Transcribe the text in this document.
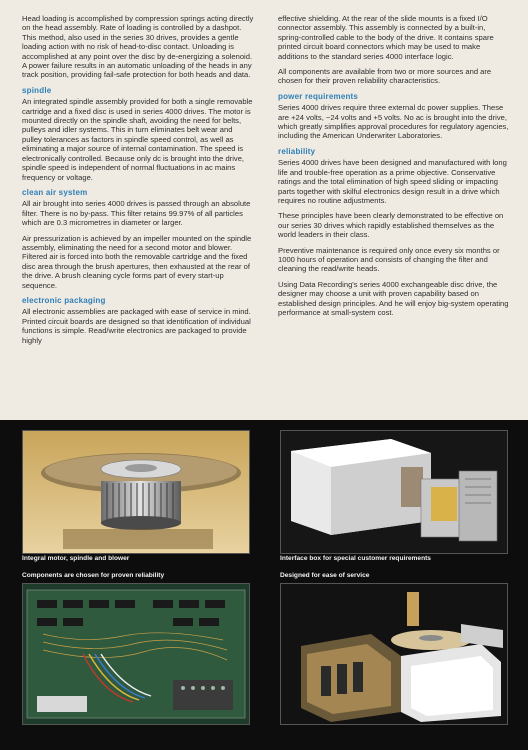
Head loading is accomplished by compression springs acting directly on the head assembly. Rate of loading is controlled by a dashpot. This method, also used in the series 30 drives, provides a gentle loading action with no risk of head-to-disc contact. Unloading is accomplished at any point over the disc by de-energizing a solenoid. A power failure results in an automatic unloading of the heads in any track position, providing fail-safe protection for both heads and data.

spindle

An integrated spindle assembly provided for both a single removable cartridge and a fixed disc is used in series 4000 drives. The motor is mounted directly on the spindle shaft, avoiding the need for belts, pulleys and idler systems. This in turn eliminates belt wear and pulley tolerances as factors in spindle speed control, as well as eliminating a major source of internal contamination. The speed is electronically controlled. Because only dc is brought into the drive, spindle speed is independent of normal fluctuations in ac mains frequency or voltage.

clean air system

All air brought into series 4000 drives is passed through an absolute filter. There is no by-pass. This filter retains 99.97% of all particles which are 0.3 micrometres in diameter or larger.

Air pressurization is achieved by an impeller mounted on the spindle assembly, eliminating the need for a second motor and blower. Filtered air is forced into both the removable cartridge and the fixed disc area through the brush apertures, then exhausted at the rear of the drive. A brush cleaning cycle forms part of every start-up sequence.

electronic packaging

All electronic assemblies are packaged with ease of service in mind. Printed circuit boards are designed so that identification of individual functions is simple. Read/write electronics are packaged to provide highly

effective shielding. At the rear of the slide mounts is a fixed I/O connector assembly. This assembly is connected by a built-in, spring-controlled cable to the body of the drive. It contains spare printed circuit board connectors which may be used to make additions to the standard series 4000 interface logic.

All components are available from two or more sources and are chosen for their proven reliability characteristics.

power requirements

Series 4000 drives require three external dc power supplies. These are +24 volts, −24 volts and +5 volts. No ac is brought into the drive, which greatly simplifies approval procedures for regulatory agencies, including the American Underwriter Laboratories.

reliability

Series 4000 drives have been designed and manufactured with long life and trouble-free operation as a prime objective. Conservative ratings and the total elimination of high speed sliding or impacting parts together with skilful electronics design result in a drive which requires no routine adjustments.

These principles have been clearly demonstrated to be effective on our series 30 drives which rapidly established themselves as the world leaders in their class.

Preventive maintenance is required only once every six months or 1000 hours of operation and consists of changing the filter and cleaning the read/write heads.

Using Data Recording's series 4000 exchangeable disc drive, the designer may choose a unit with proven capability based on established design principles. And he will enjoy big-system operating performance at small-system cost.

Integral motor, spindle and blower	Interface box for special customer requirements
Components are chosen for proven reliability	Designed for ease of service
